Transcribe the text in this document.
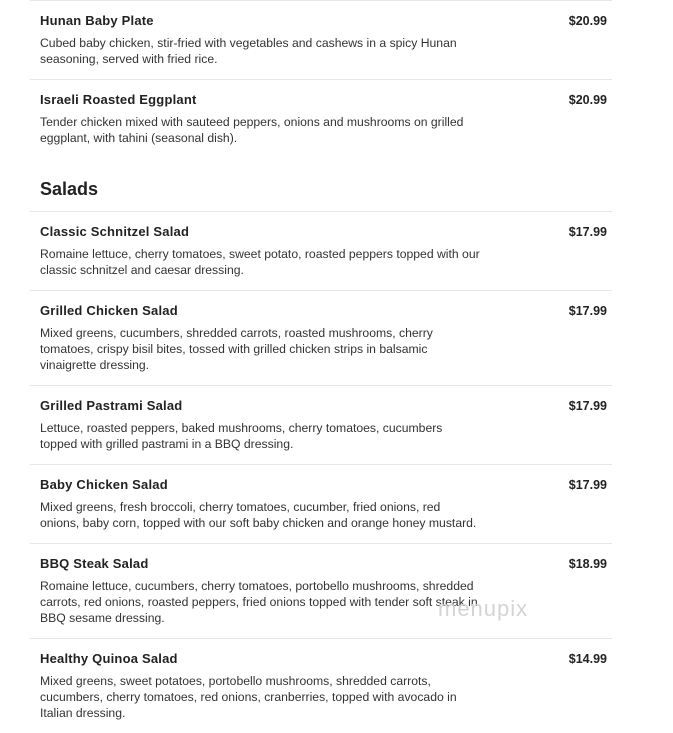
Hunan Baby Plate	$20.99
Cubed baby chicken, stir-fried with vegetables and cashews in a spicy Hunan seasoning, served with fried rice.
Israeli Roasted Eggplant	$20.99
Tender chicken mixed with sauteed peppers, onions and mushrooms on grilled eggplant, with tahini (seasonal dish).
Salads
Classic Schnitzel Salad	$17.99
Romaine lettuce, cherry tomatoes, sweet potato, roasted peppers topped with our classic schnitzel and caesar dressing.
Grilled Chicken Salad	$17.99
Mixed greens, cucumbers, shredded carrots, roasted mushrooms, cherry tomatoes, crispy bisil bites, tossed with grilled chicken strips in balsamic vinaigrette dressing.
Grilled Pastrami Salad	$17.99
Lettuce, roasted peppers, baked mushrooms, cherry tomatoes, cucumbers topped with grilled pastrami in a BBQ dressing.
Baby Chicken Salad	$17.99
Mixed greens, fresh broccoli, cherry tomatoes, cucumber, fried onions, red onions, baby corn, topped with our soft baby chicken and orange honey mustard.
BBQ Steak Salad	$18.99
Romaine lettuce, cucumbers, cherry tomatoes, portobello mushrooms, shredded carrots, red onions, roasted peppers, fried onions topped with tender soft steak in BBQ sesame dressing.
Healthy Quinoa Salad	$14.99
Mixed greens, sweet potatoes, portobello mushrooms, shredded carrots, cucumbers, cherry tomatoes, red onions, cranberries, topped with avocado in Italian dressing.
menupix
